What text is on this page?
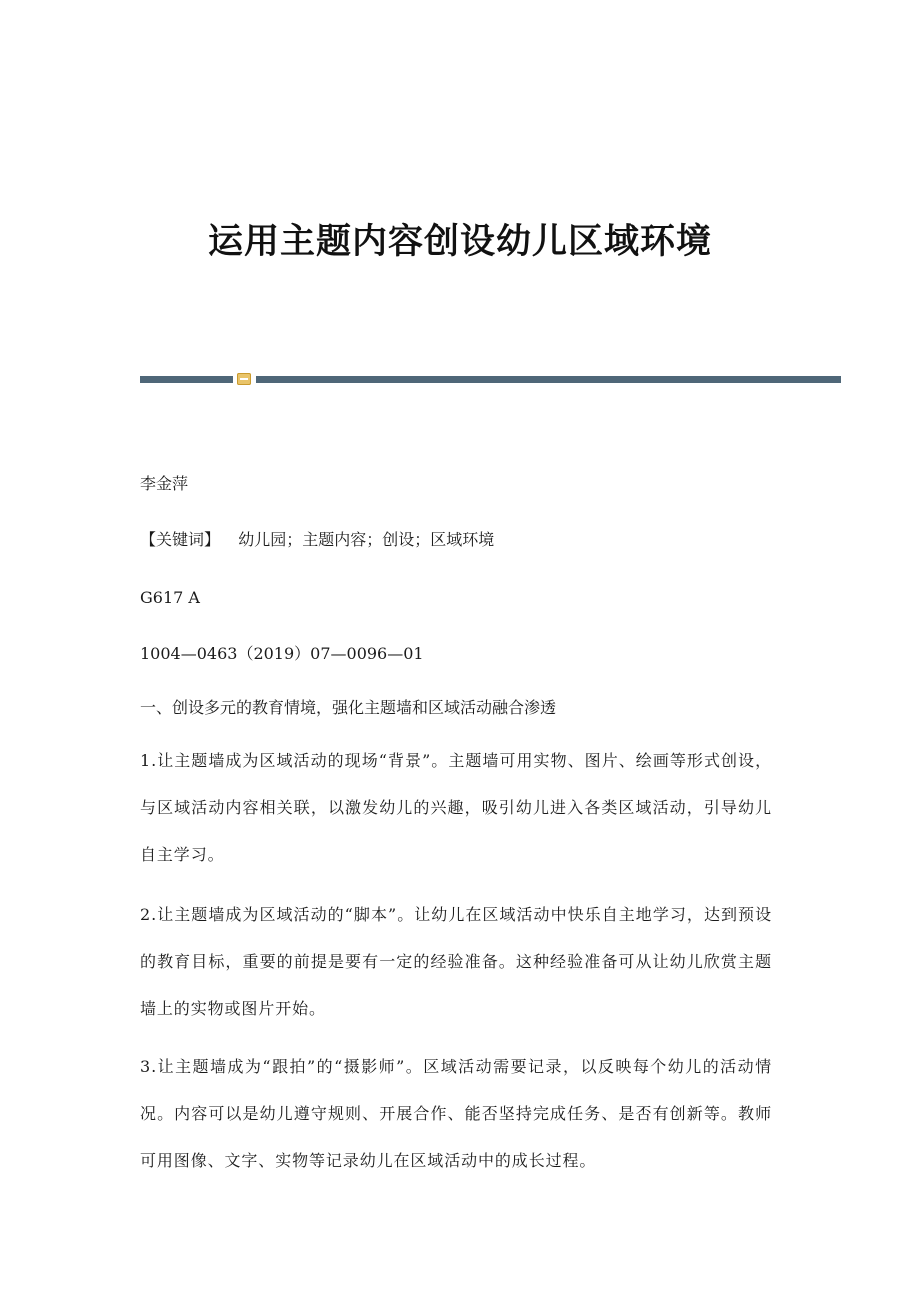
运用主题内容创设幼儿区域环境
李金萍
【关键词】 幼儿园；主题内容；创设；区域环境
G617 A
1004—0463（2019）07—0096—01
一、创设多元的教育情境，强化主题墙和区域活动融合渗透
1.让主题墙成为区域活动的现场“背景”。主题墙可用实物、图片、绘画等形式创设，与区域活动内容相关联，以激发幼儿的兴趣，吸引幼儿进入各类区域活动，引导幼儿自主学习。
2.让主题墙成为区域活动的“脚本”。让幼儿在区域活动中快乐自主地学习，达到预设的教育目标，重要的前提是要有一定的经验准备。这种经验准备可从让幼儿欣赏主题墙上的实物或图片开始。
3.让主题墙成为“跟拍”的“摄影师”。区域活动需要记录，以反映每个幼儿的活动情况。内容可以是幼儿遵守规则、开展合作、能否坚持完成任务、是否有创新等。教师可用图像、文字、实物等记录幼儿在区域活动中的成长过程。
